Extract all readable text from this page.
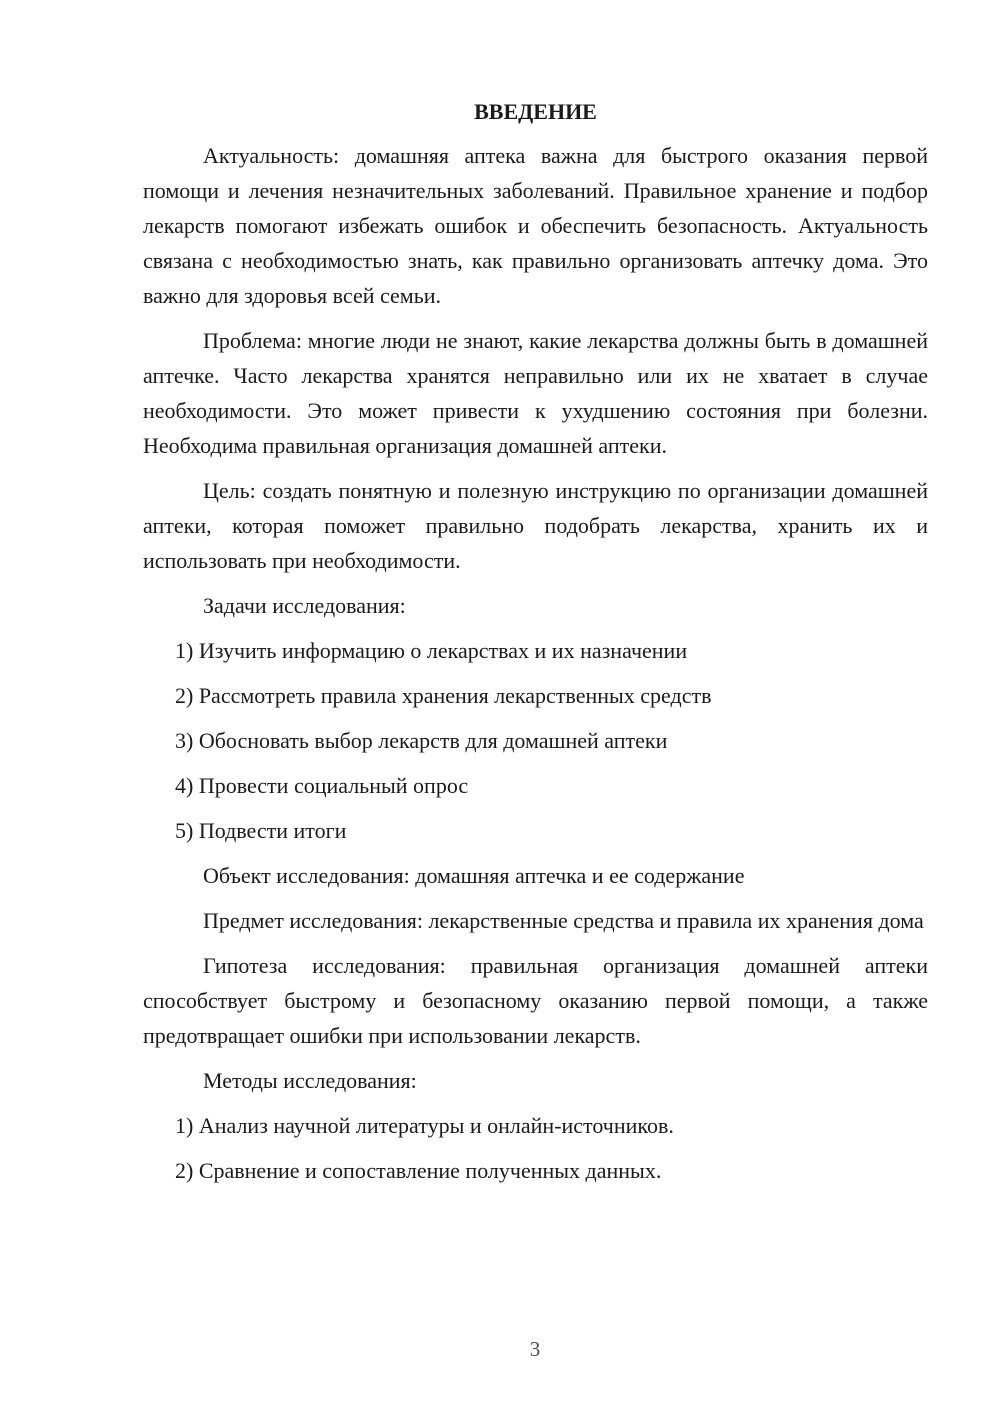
ВВЕДЕНИЕ

Актуальность: домашняя аптека важна для быстрого оказания первой помощи и лечения незначительных заболеваний. Правильное хранение и подбор лекарств помогают избежать ошибок и обеспечить безопасность. Актуальность связана с необходимостью знать, как правильно организовать аптечку дома. Это важно для здоровья всей семьи.

Проблема: многие люди не знают, какие лекарства должны быть в домашней аптечке. Часто лекарства хранятся неправильно или их не хватает в случае необходимости. Это может привести к ухудшению состояния при болезни. Необходима правильная организация домашней аптеки.

Цель: создать понятную и полезную инструкцию по организации домашней аптеки, которая поможет правильно подобрать лекарства, хранить их и использовать при необходимости.

Задачи исследования:

1) Изучить информацию о лекарствах и их назначении

2) Рассмотреть правила хранения лекарственных средств

3) Обосновать выбор лекарств для домашней аптеки

4) Провести социальный опрос

5) Подвести итоги

Объект исследования: домашняя аптечка и ее содержание

Предмет исследования: лекарственные средства и правила их хранения дома

Гипотеза исследования: правильная организация домашней аптеки способствует быстрому и безопасному оказанию первой помощи, а также предотвращает ошибки при использовании лекарств.

Методы исследования:

1) Анализ научной литературы и онлайн-источников.

2) Сравнение и сопоставление полученных данных.

3
